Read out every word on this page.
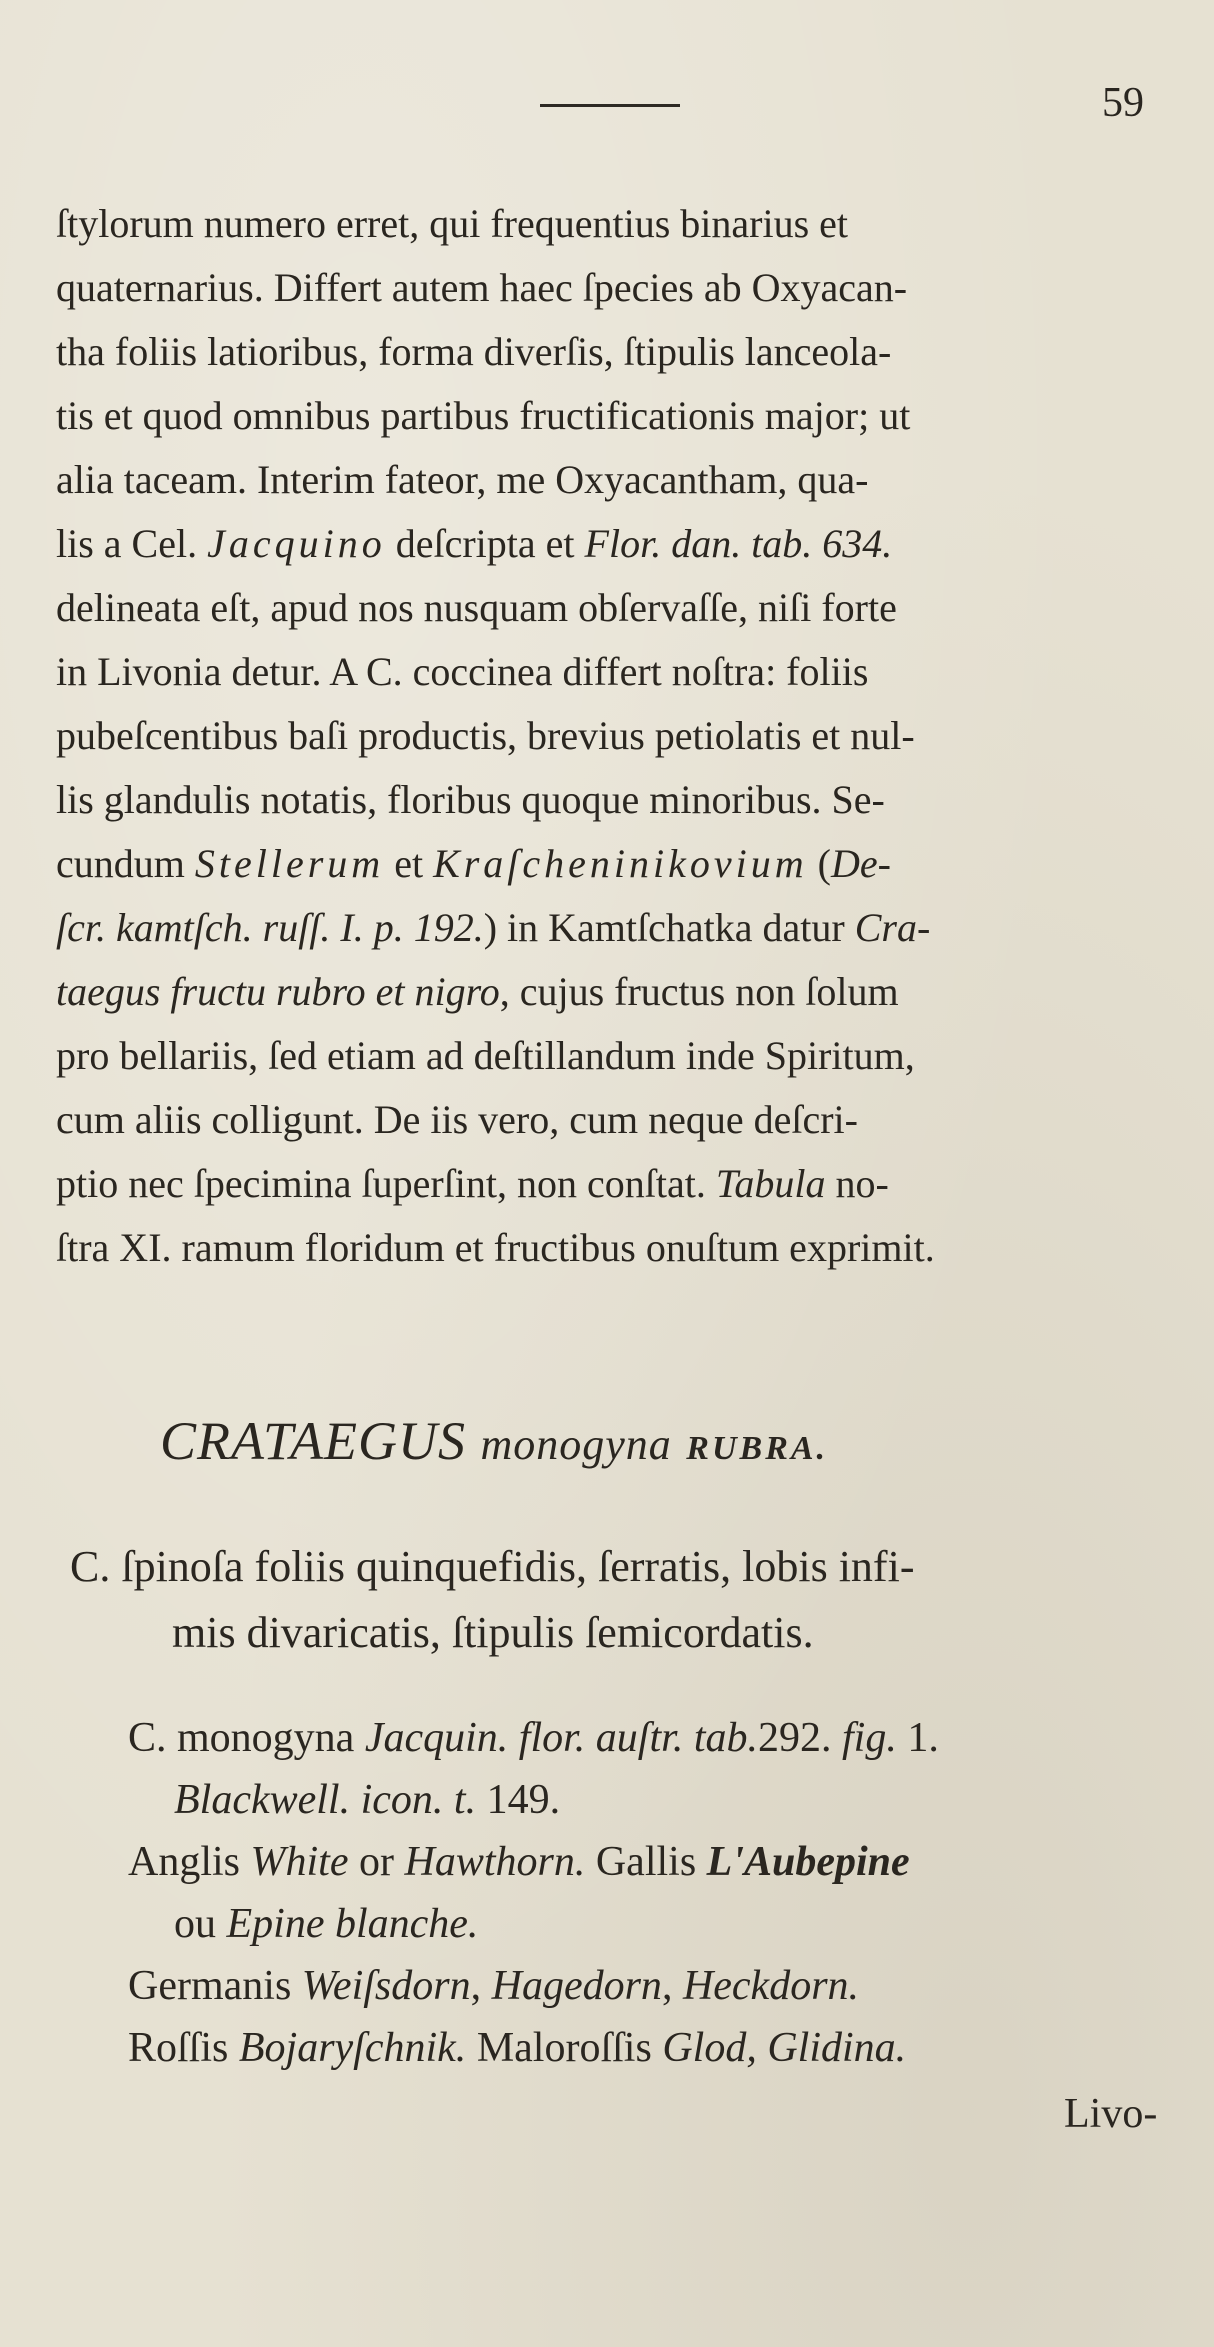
59
ſtylorum numero erret, qui frequentius binarius et
quaternarius. Differt autem haec ſpecies ab Oxyacan-
tha foliis latioribus, forma diverſis, ſtipulis lanceola-
tis et quod omnibus partibus fructificationis major; ut
alia taceam. Interim fateor, me Oxyacantham, qua-
lis a Cel. Jacquino deſcripta et Flor. dan. tab. 634.
delineata eſt, apud nos nusquam obſervaſſe, niſi forte
in Livonia detur. A C. coccinea differt noſtra: foliis
pubeſcentibus baſi productis, brevius petiolatis et nul-
lis glandulis notatis, floribus quoque minoribus. Se-
cundum Stellerum et Kraſcheninikovium (De-
ſcr. kamtſch. ruſſ. I. p. 192.) in Kamtſchatka datur Cra-
taegus fructu rubro et nigro, cujus fructus non ſolum
pro bellariis, ſed etiam ad deſtillandum inde Spiritum,
cum aliis colligunt. De iis vero, cum neque deſcri-
ptio nec ſpecimina ſuperſint, non conſtat. Tabula no-
ſtra XI. ramum floridum et fructibus onuſtum exprimit.
CRATAEGUS monogyna RUBRA.
C. ſpinoſa foliis quinquefidis, ſerratis, lobis infi-
mis divaricatis, ſtipulis ſemicordatis.
C. monogyna Jacquin. flor. auſtr. tab.292. fig. 1.
Blackwell. icon. t. 149.
Anglis White or Hawthorn. Gallis L'Aubepine
ou Epine blanche.
Germanis Weiſsdorn, Hagedorn, Heckdorn.
Roſſis Bojaryſchnik. Maloroſſis Glod, Glidina.
Livo-
